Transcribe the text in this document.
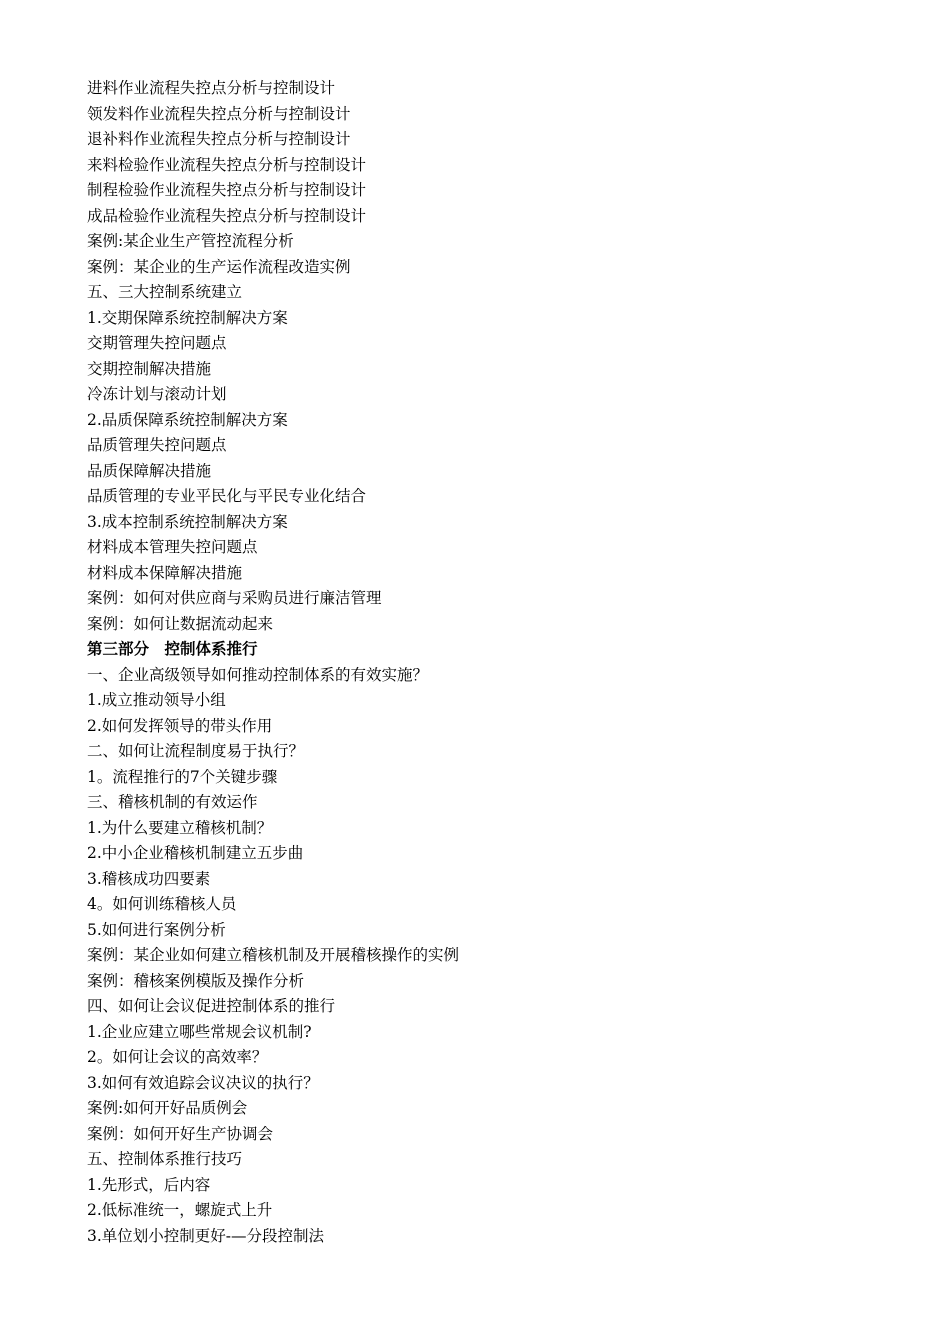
进料作业流程失控点分析与控制设计
领发料作业流程失控点分析与控制设计
退补料作业流程失控点分析与控制设计
来料检验作业流程失控点分析与控制设计
制程检验作业流程失控点分析与控制设计
成品检验作业流程失控点分析与控制设计
案例:某企业生产管控流程分析
案例：某企业的生产运作流程改造实例
五、三大控制系统建立
1.交期保障系统控制解决方案
交期管理失控问题点
交期控制解决措施
冷冻计划与滚动计划
2.品质保障系统控制解决方案
品质管理失控问题点
品质保障解决措施
品质管理的专业平民化与平民专业化结合
3.成本控制系统控制解决方案
材料成本管理失控问题点
材料成本保障解决措施
案例：如何对供应商与采购员进行廉洁管理
案例：如何让数据流动起来
第三部分　控制体系推行
一、企业高级领导如何推动控制体系的有效实施？
1.成立推动领导小组
2.如何发挥领导的带头作用
二、如何让流程制度易于执行？
1。流程推行的7个关键步骤
三、稽核机制的有效运作
1.为什么要建立稽核机制？
2.中小企业稽核机制建立五步曲
3.稽核成功四要素
4。如何训练稽核人员
5.如何进行案例分析
案例：某企业如何建立稽核机制及开展稽核操作的实例
案例：稽核案例模版及操作分析
四、如何让会议促进控制体系的推行
1.企业应建立哪些常规会议机制?
2。如何让会议的高效率？
3.如何有效追踪会议决议的执行？
案例:如何开好品质例会
案例：如何开好生产协调会
五、控制体系推行技巧
1.先形式，后内容
2.低标准统一，螺旋式上升
3.单位划小控制更好-—分段控制法
